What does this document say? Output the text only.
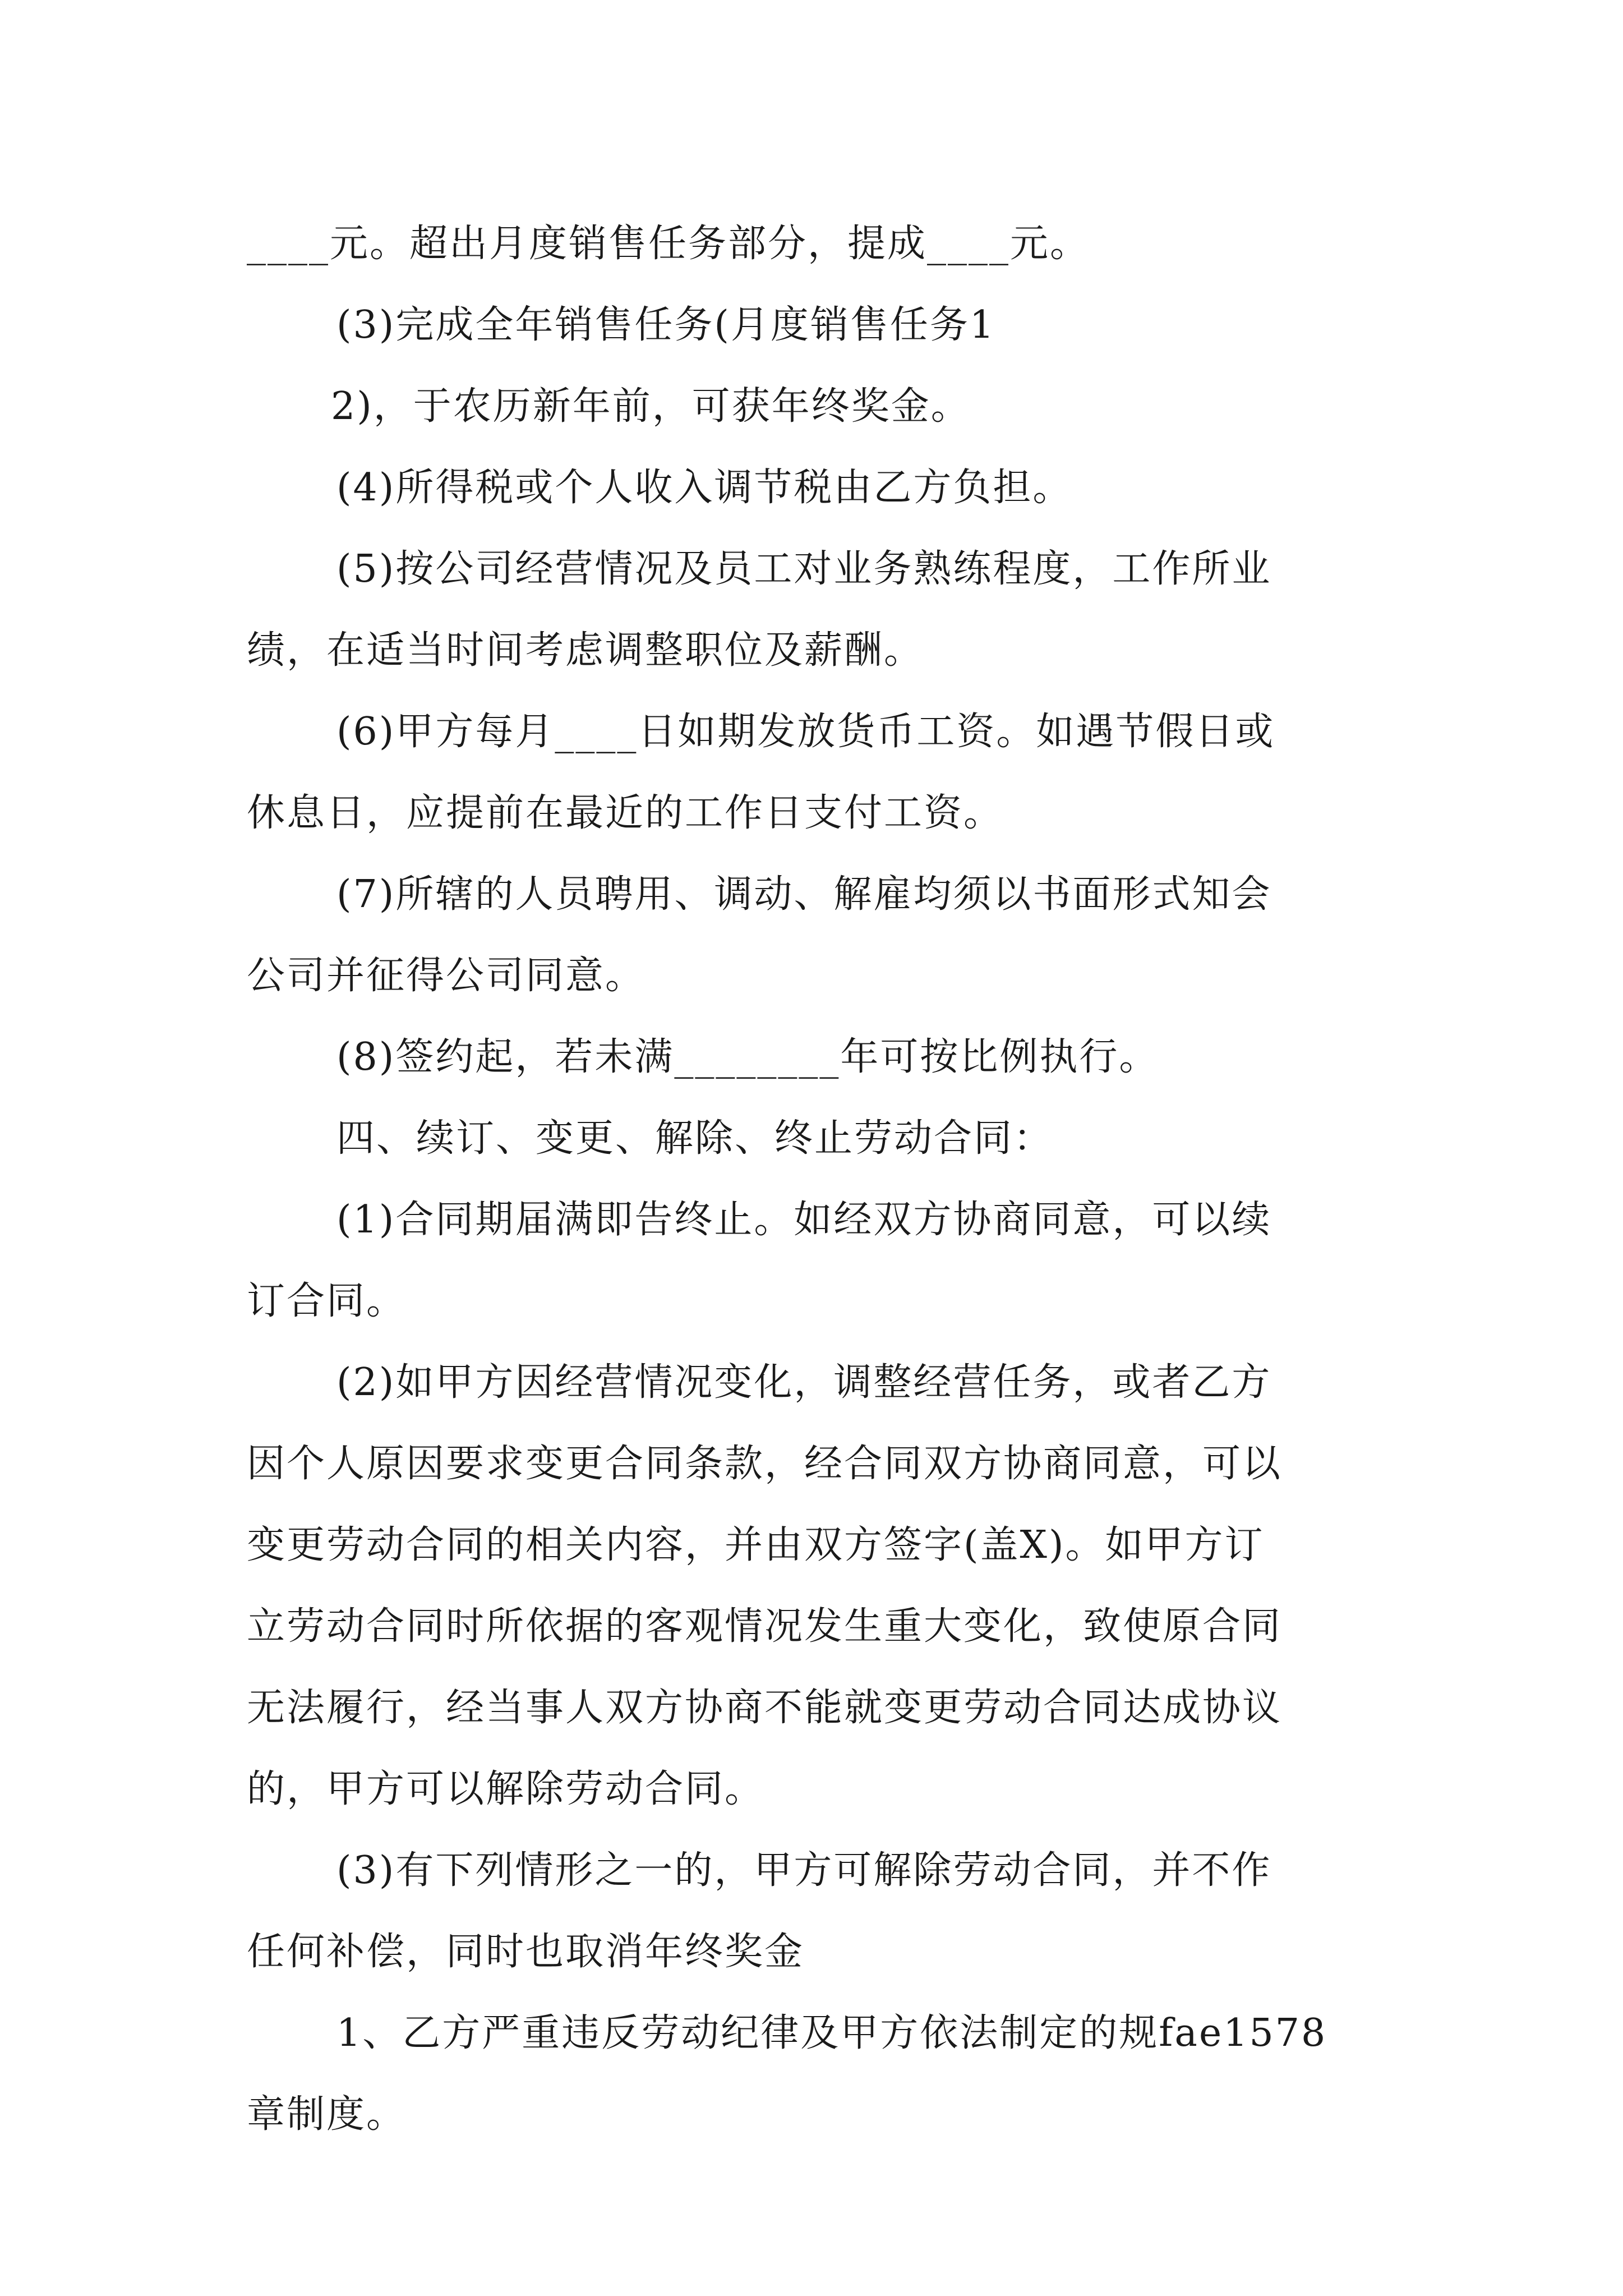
____元。超出月度销售任务部分，提成____元。
(3)完成全年销售任务(月度销售任务1
2)，于农历新年前，可获年终奖金。
(4)所得税或个人收入调节税由乙方负担。
(5)按公司经营情况及员工对业务熟练程度，工作所业
绩，在适当时间考虑调整职位及薪酬。
(6)甲方每月____日如期发放货币工资。如遇节假日或
休息日，应提前在最近的工作日支付工资。
(7)所辖的人员聘用、调动、解雇均须以书面形式知会
公司并征得公司同意。
(8)签约起，若未满________年可按比例执行。
四、续订、变更、解除、终止劳动合同：
(1)合同期届满即告终止。如经双方协商同意，可以续
订合同。
(2)如甲方因经营情况变化，调整经营任务，或者乙方
因个人原因要求变更合同条款，经合同双方协商同意，可以
变更劳动合同的相关内容，并由双方签字(盖X)。如甲方订
立劳动合同时所依据的客观情况发生重大变化，致使原合同
无法履行，经当事人双方协商不能就变更劳动合同达成协议
的，甲方可以解除劳动合同。
(3)有下列情形之一的，甲方可解除劳动合同，并不作
任何补偿，同时也取消年终奖金
1、乙方严重违反劳动纪律及甲方依法制定的规fae1578
章制度。
